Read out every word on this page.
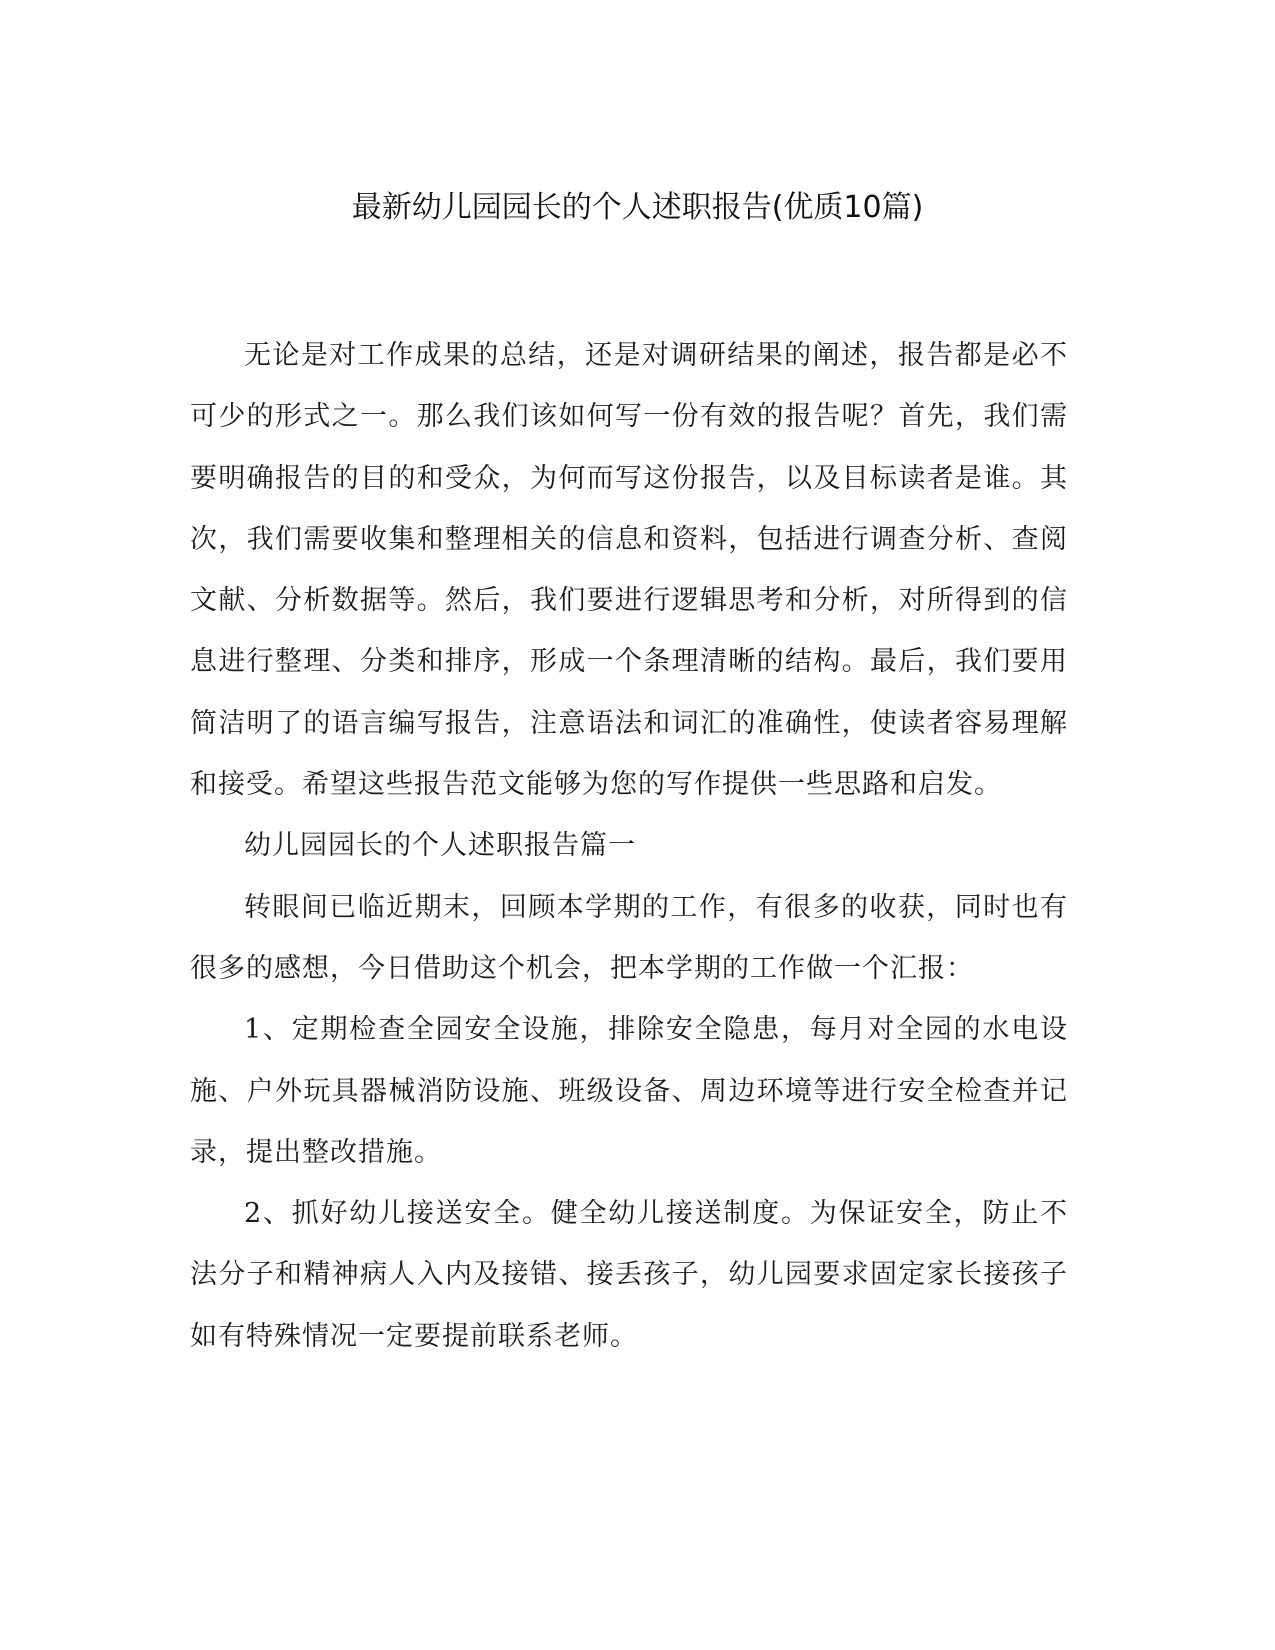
最新幼儿园园长的个人述职报告(优质10篇)

无论是对工作成果的总结，还是对调研结果的阐述，报告都是必不可少的形式之一。那么我们该如何写一份有效的报告呢？首先，我们需要明确报告的目的和受众，为何而写这份报告，以及目标读者是谁。其次，我们需要收集和整理相关的信息和资料，包括进行调查分析、查阅文献、分析数据等。然后，我们要进行逻辑思考和分析，对所得到的信息进行整理、分类和排序，形成一个条理清晰的结构。最后，我们要用简洁明了的语言编写报告，注意语法和词汇的准确性，使读者容易理解和接受。希望这些报告范文能够为您的写作提供一些思路和启发。

幼儿园园长的个人述职报告篇一

转眼间已临近期末，回顾本学期的工作，有很多的收获，同时也有很多的感想，今日借助这个机会，把本学期的工作做一个汇报：

1、定期检查全园安全设施，排除安全隐患，每月对全园的水电设施、户外玩具器械消防设施、班级设备、周边环境等进行安全检查并记录，提出整改措施。

2、抓好幼儿接送安全。健全幼儿接送制度。为保证安全，防止不法分子和精神病人入内及接错、接丢孩子，幼儿园要求固定家长接孩子如有特殊情况一定要提前联系老师。
